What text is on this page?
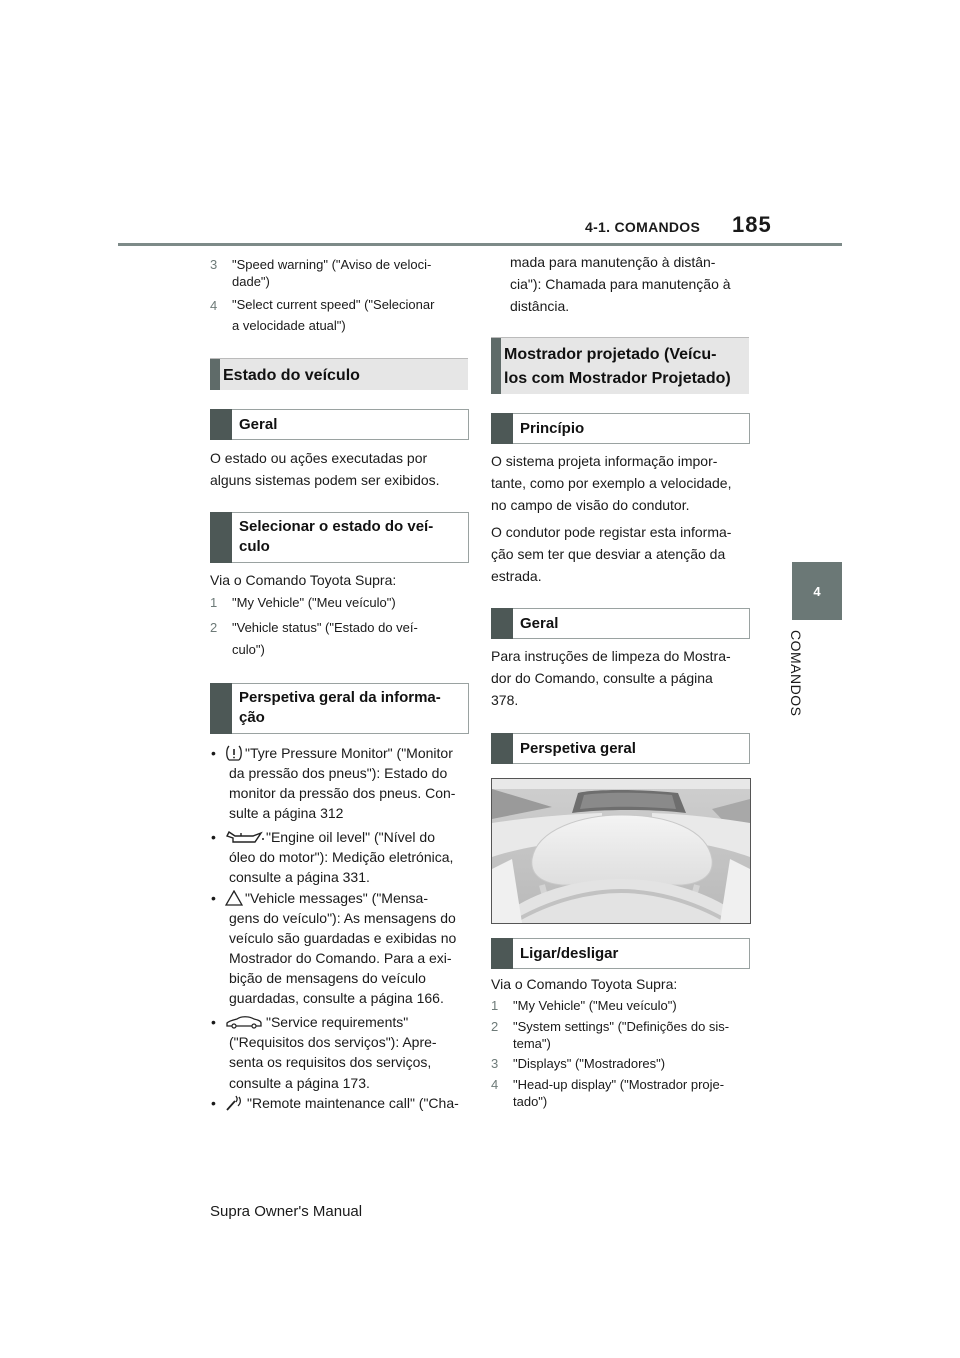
4-1. COMANDOS 185
4
COMANDOS
3 "Speed warning" ("Aviso de veloci-
dade")
4 "Select current speed" ("Selecionar
a velocidade atual")
Estado do veículo
Geral
O estado ou ações executadas por
alguns sistemas podem ser exibidos.
Selecionar o estado do veí-
culo
Via o Comando Toyota Supra:
1 "My Vehicle" ("Meu veículo")
2 "Vehicle status" ("Estado do veí-
culo")
Perspetiva geral da informa-
ção
• "Tyre Pressure Monitor" ("Monitor
da pressão dos pneus"): Estado do
monitor da pressão dos pneus. Con-
sulte a página 312
•	"Engine oil level" ("Nível do
óleo do motor"): Medição eletrónica,
consulte a página 331.
• "Vehicle messages" ("Mensa-
gens do veículo"): As mensagens do
veículo são guardadas e exibidas no
Mostrador do Comando. Para a exi-
bição de mensagens do veículo
guardadas, consulte a página 166.
•	"Service requirements"
("Requisitos dos serviços"): Apre-
senta os requisitos dos serviços,
consulte a página 173.
• "Remote maintenance call" ("Cha-
mada para manutenção à distân-
cia"): Chamada para manutenção à
distância.
Mostrador projetado (Veícu-
los com Mostrador Projetado)
Princípio
O sistema projeta informação impor-
tante, como por exemplo a velocidade,
no campo de visão do condutor.
O condutor pode registar esta informa-
ção sem ter que desviar a atenção da
estrada.
Geral
Para instruções de limpeza do Mostra-
dor do Comando, consulte a página
378.
Perspetiva geral
Ligar/desligar
Via o Comando Toyota Supra:
1 "My Vehicle" ("Meu veículo")
2 "System settings" ("Definições do sis-
tema")
3 "Displays" ("Mostradores")
4 "Head-up display" ("Mostrador proje-
tado")
Supra Owner's Manual
